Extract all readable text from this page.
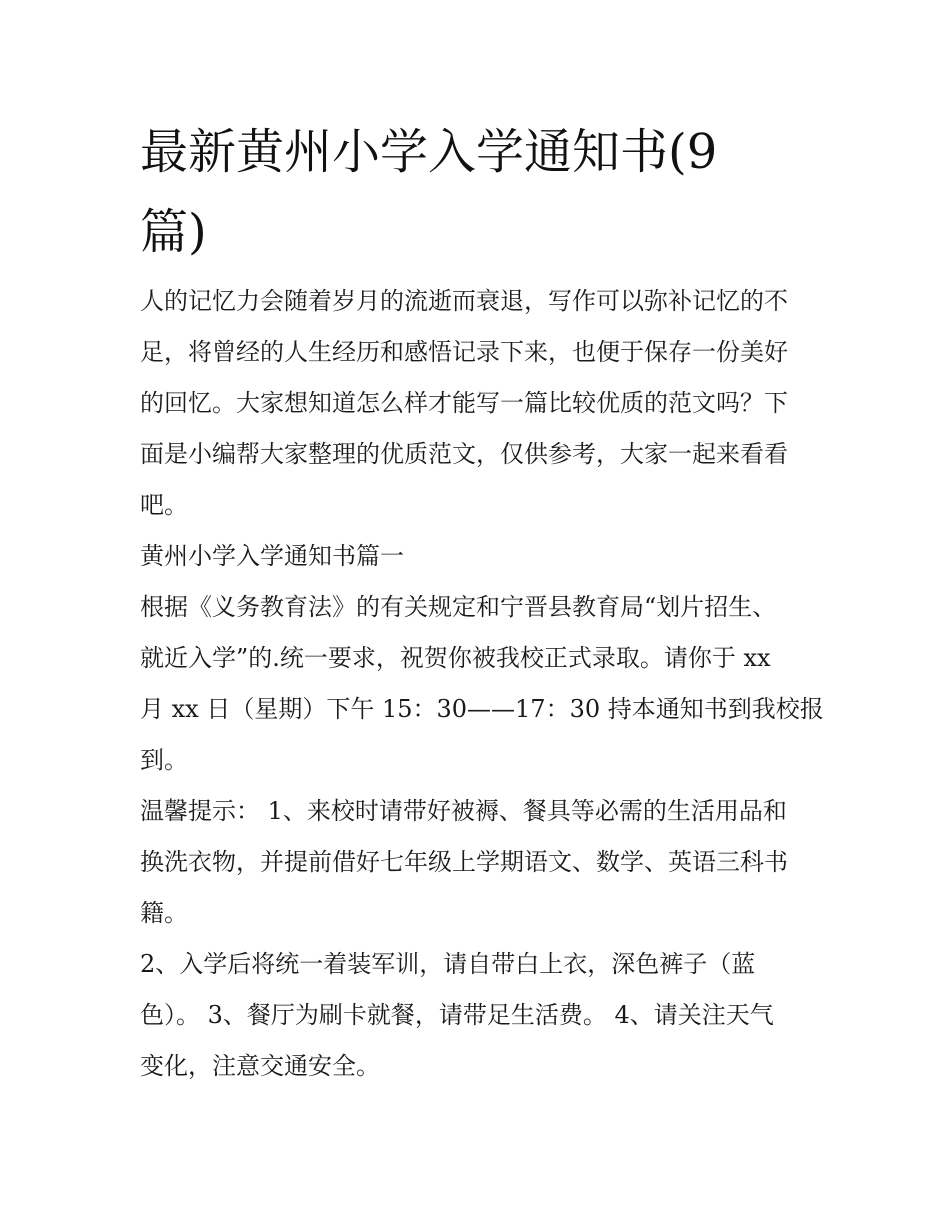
最新黄州小学入学通知书(9
篇)
人的记忆力会随着岁月的流逝而衰退，写作可以弥补记忆的不
足，将曾经的人生经历和感悟记录下来，也便于保存一份美好
的回忆。大家想知道怎么样才能写一篇比较优质的范文吗？下
面是小编帮大家整理的优质范文，仅供参考，大家一起来看看
吧。
黄州小学入学通知书篇一
根据《义务教育法》的有关规定和宁晋县教育局“划片招生、
就近入学”的.统一要求，祝贺你被我校正式录取。请你于 xx
月 xx 日（星期）下午 15：30——17：30 持本通知书到我校报
到。
温馨提示： 1、来校时请带好被褥、餐具等必需的生活用品和
换洗衣物，并提前借好七年级上学期语文、数学、英语三科书
籍。
2、入学后将统一着装军训，请自带白上衣，深色裤子（蓝
色）。 3、餐厅为刷卡就餐，请带足生活费。 4、请关注天气
变化，注意交通安全。
